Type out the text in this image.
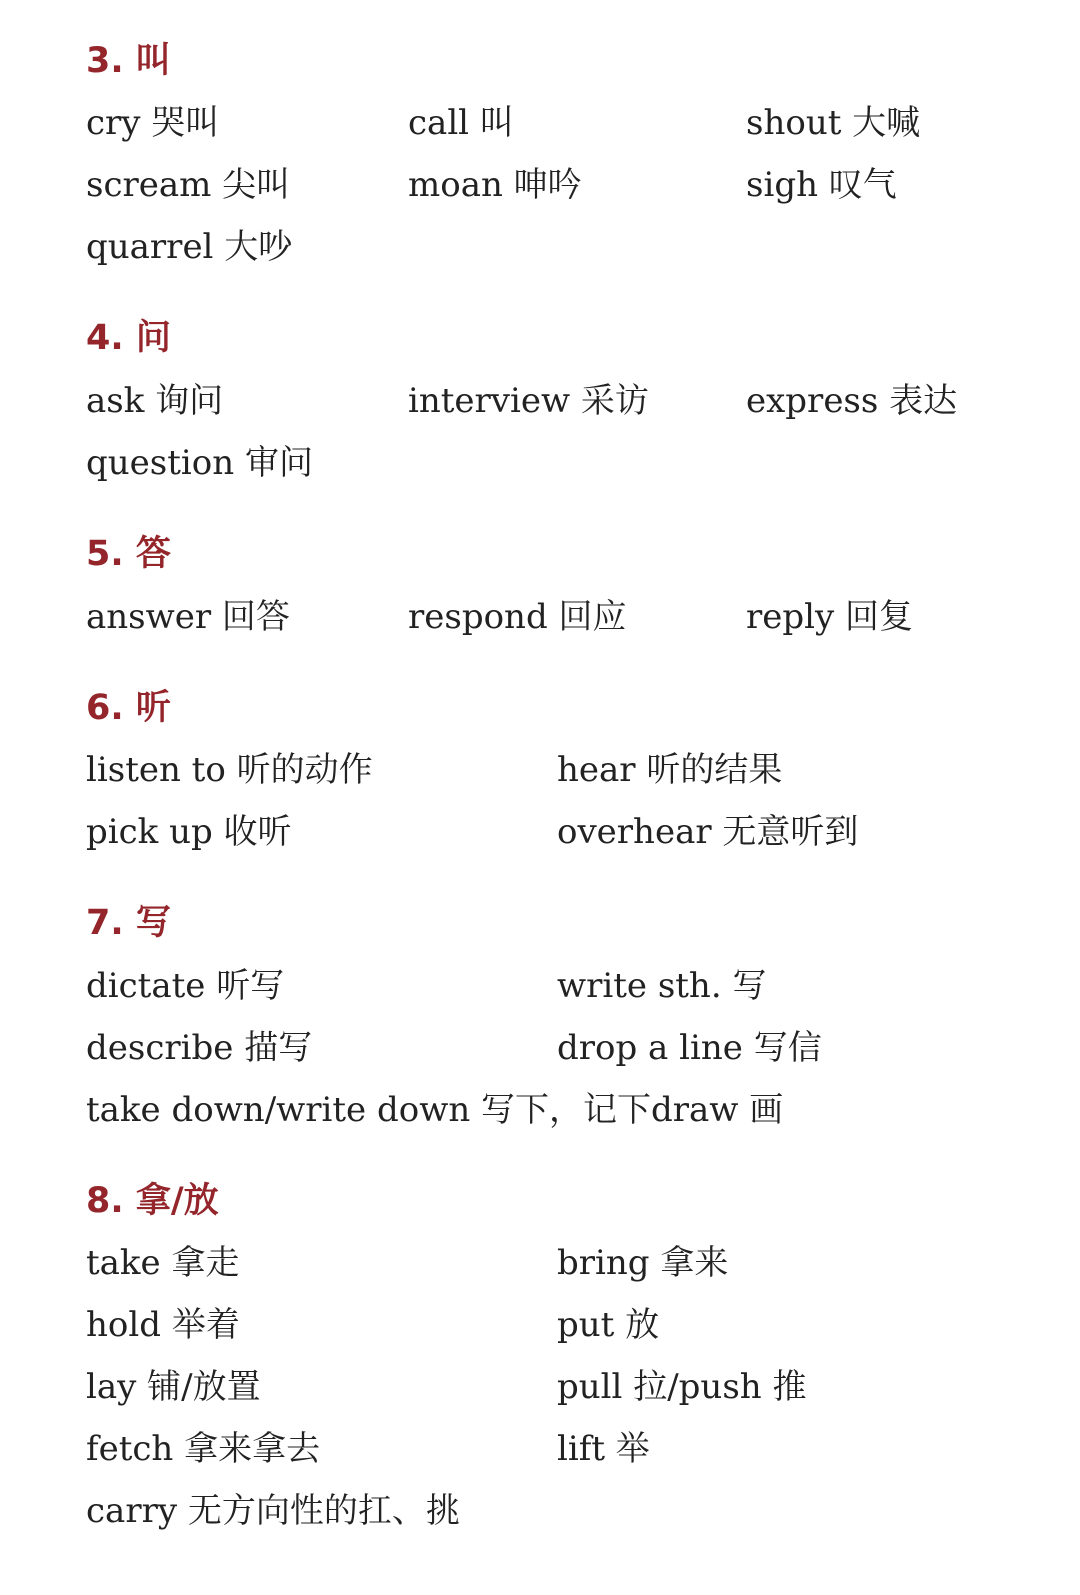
3. 叫
cry 哭叫	call 叫	shout 大喊
scream 尖叫	moan 呻吟	sigh 叹气
quarrel 大吵
4. 问
ask 询问	interview 采访	express 表达
question 审问
5. 答
answer 回答	respond 回应	reply 回复
6. 听
listen to 听的动作	hear 听的结果
pick up 收听	overhear 无意听到
7. 写
dictate 听写	write sth. 写
describe 描写	drop a line 写信
take down/write down 写下，记下 draw 画
8. 拿/放
take 拿走	bring 拿来
hold 举着	put 放
lay 铺/放置	pull 拉/push 推
fetch 拿来拿去	lift 举
carry 无方向性的扛、挑
